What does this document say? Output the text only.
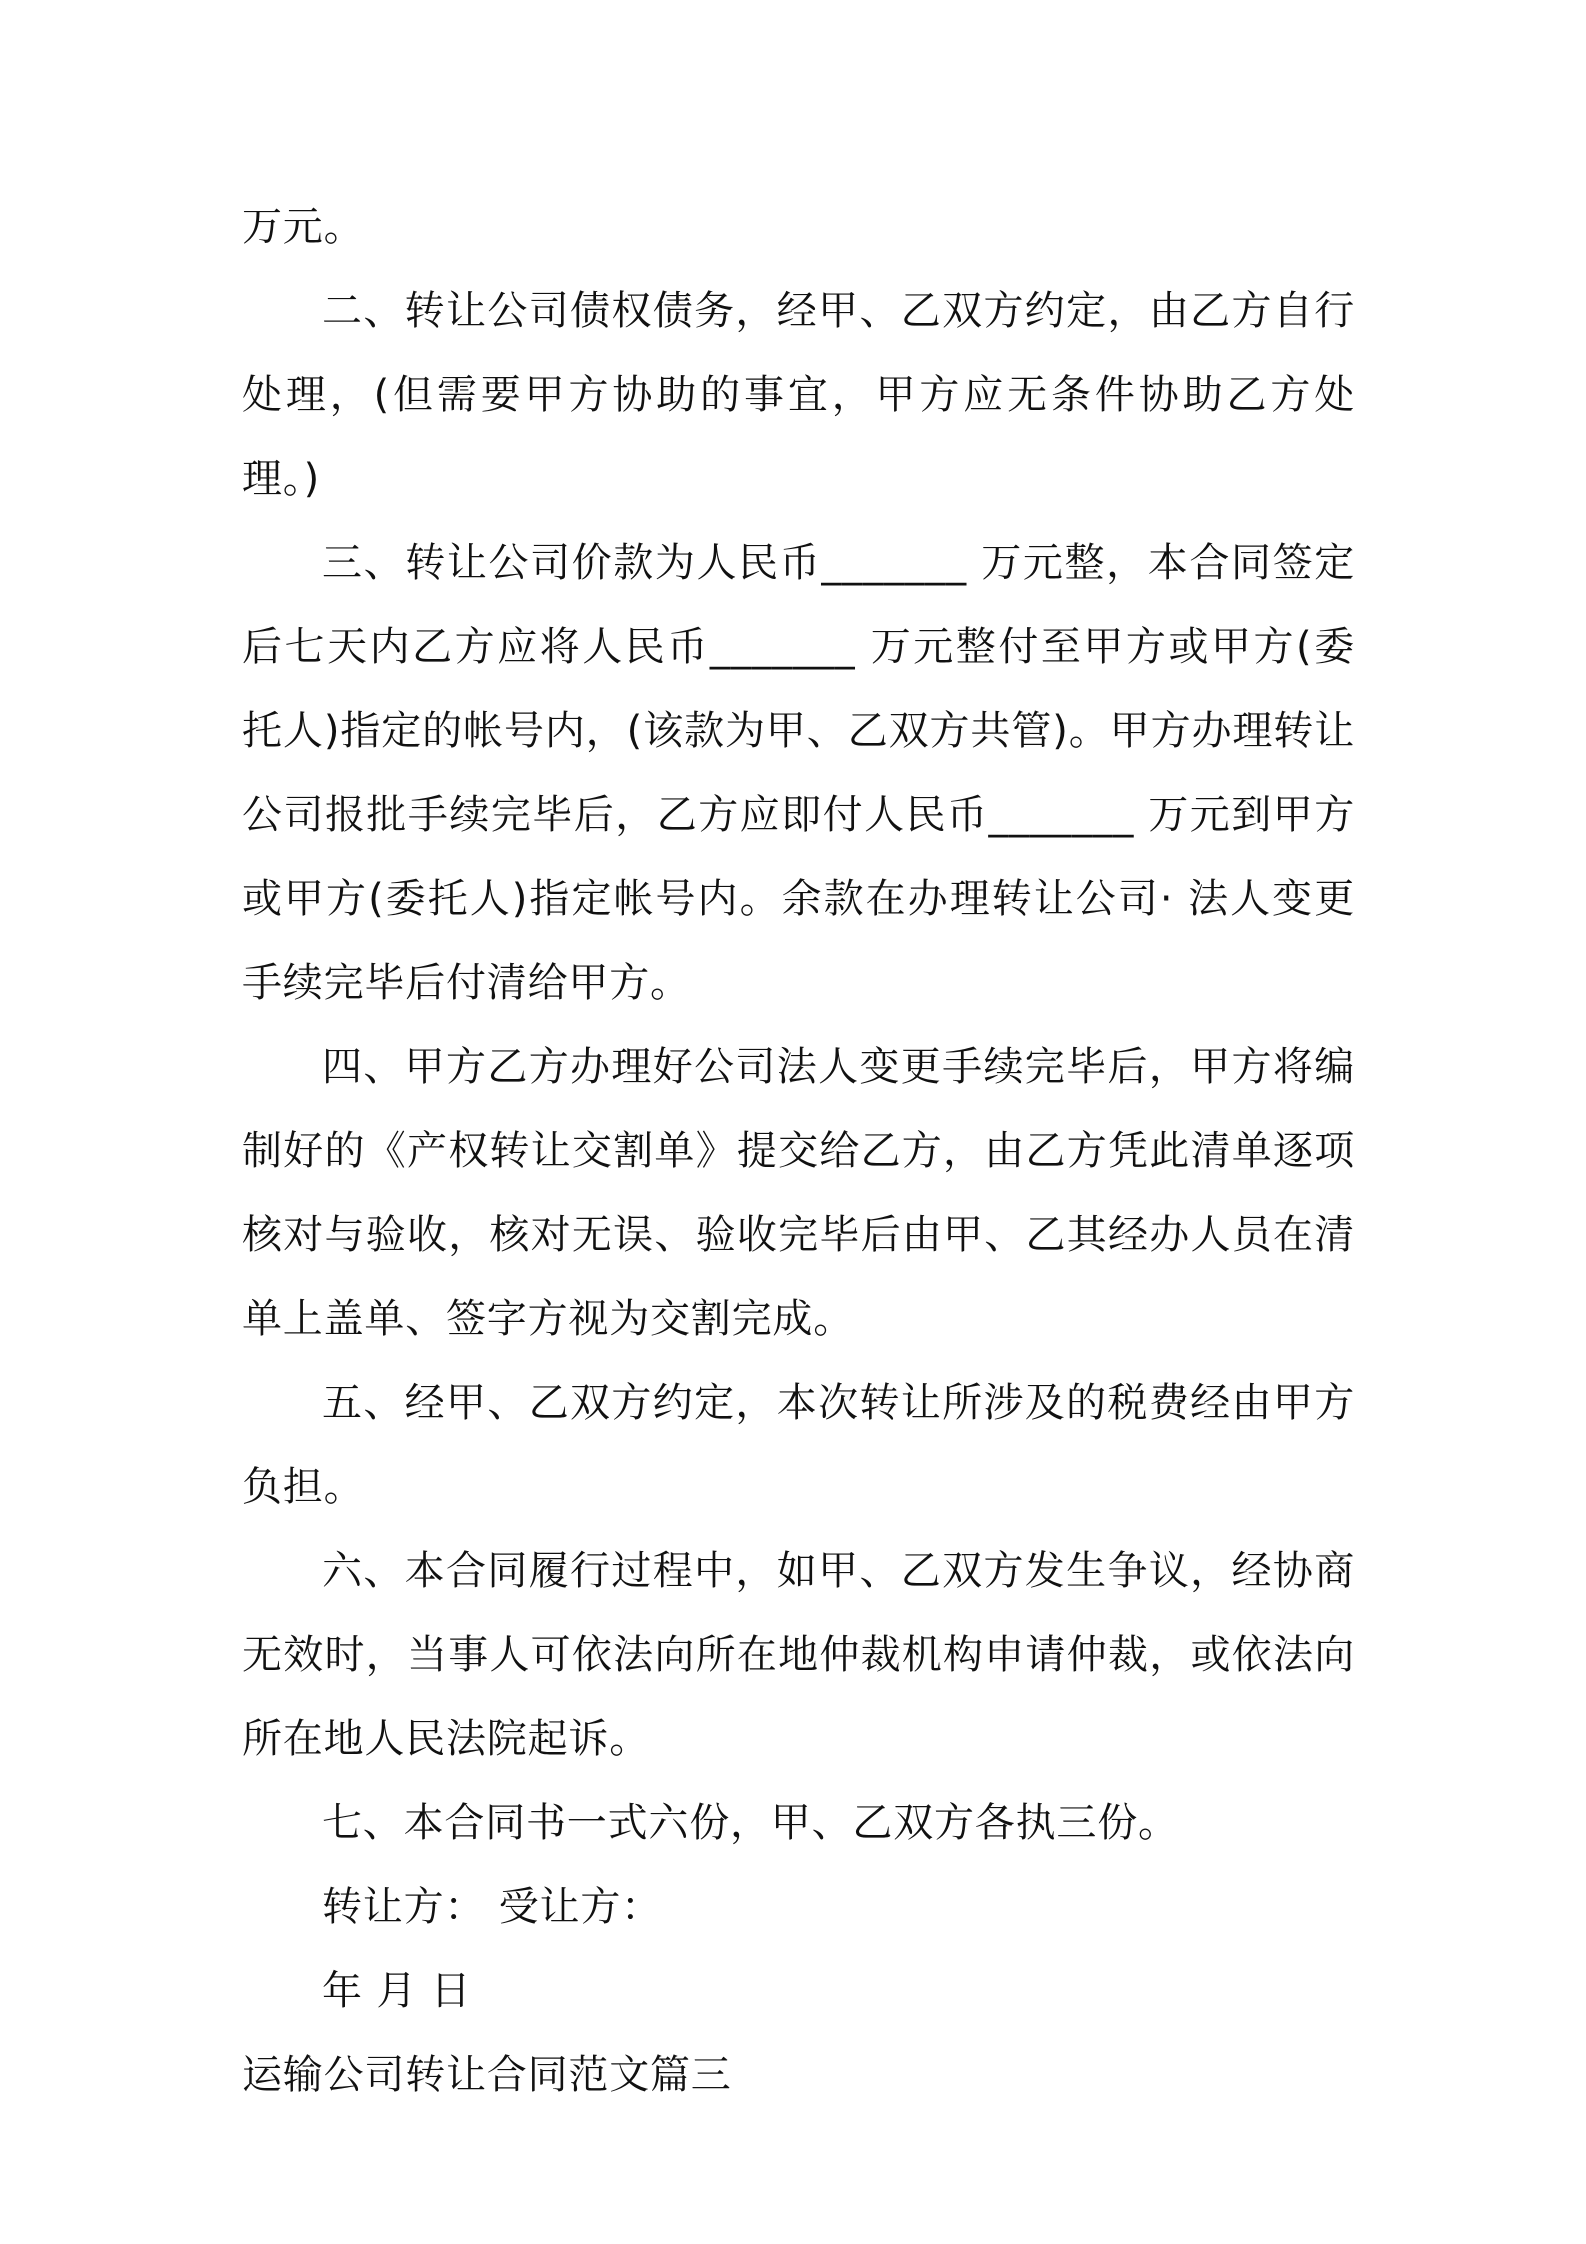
万元。

二、转让公司债权债务，经甲、乙双方约定，由乙方自行处理，(但需要甲方协助的事宜，甲方应无条件协助乙方处理。)

三、转让公司价款为人民币_______ 万元整，本合同签定后七天内乙方应将人民币_______ 万元整付至甲方或甲方(委托人)指定的帐号内，(该款为甲、乙双方共管)。甲方办理转让公司报批手续完毕后，乙方应即付人民币_______ 万元到甲方或甲方(委托人)指定帐号内。余款在办理转让公司· 法人变更手续完毕后付清给甲方。

四、甲方乙方办理好公司法人变更手续完毕后，甲方将编制好的《产权转让交割单》提交给乙方，由乙方凭此清单逐项核对与验收，核对无误、验收完毕后由甲、乙其经办人员在清单上盖单、签字方视为交割完成。

五、经甲、乙双方约定，本次转让所涉及的税费经由甲方负担。

六、本合同履行过程中，如甲、乙双方发生争议，经协商无效时，当事人可依法向所在地仲裁机构申请仲裁，或依法向所在地人民法院起诉。

七、本合同书一式六份，甲、乙双方各执三份。

转让方： 受让方：

年 月 日

运输公司转让合同范文篇三
